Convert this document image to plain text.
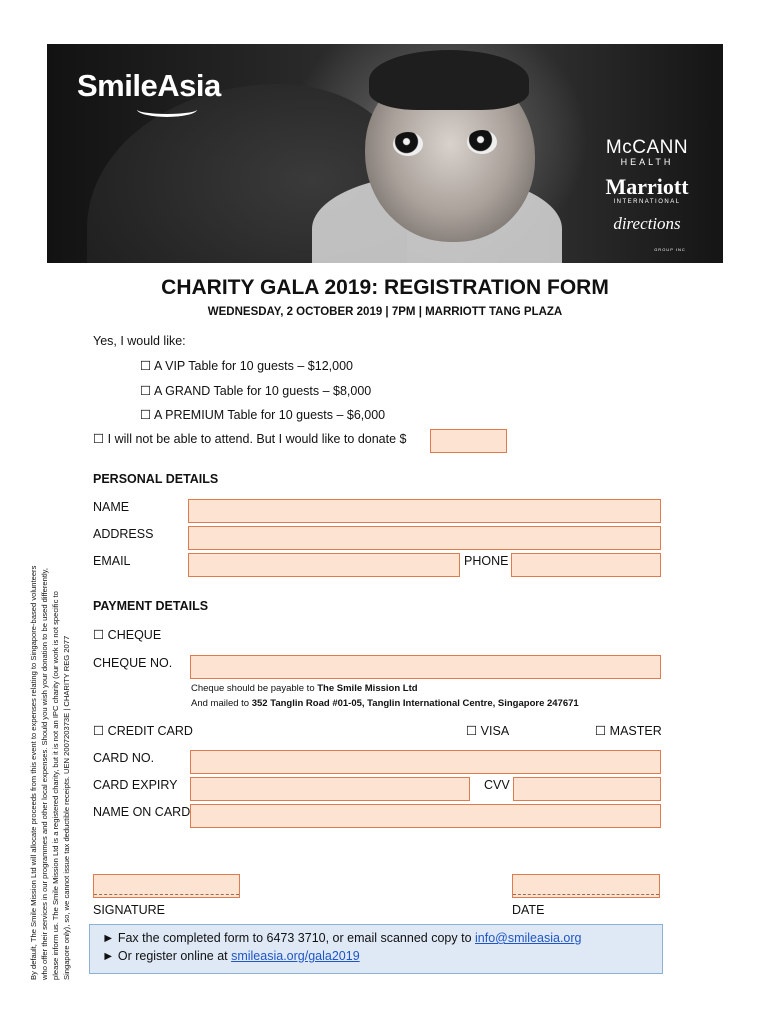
SmileAsia
McCANN
HEALTH
Marriott
INTERNATIONAL
directions
GROUP INC
CHARITY GALA 2019: REGISTRATION FORM
WEDNESDAY, 2 OCTOBER 2019 | 7PM | MARRIOTT TANG PLAZA
Yes, I would like:
☐ A VIP Table for 10 guests – $12,000
☐ A GRAND Table for 10 guests – $8,000
☐ A PREMIUM Table for 10 guests – $6,000
☐ I will not be able to attend. But I would like to donate $
PERSONAL DETAILS
NAME
ADDRESS
EMAIL	PHONE
PAYMENT DETAILS
☐ CHEQUE
CHEQUE NO.
Cheque should be payable to The Smile Mission Ltd
And mailed to 352 Tanglin Road #01-05, Tanglin International Centre, Singapore 247671
☐ CREDIT CARD	☐ VISA	☐ MASTER
CARD NO.
CARD EXPIRY	CVV
NAME ON CARD
SIGNATURE	DATE
► Fax the completed form to 6473 3710, or email scanned copy to info@smileasia.org
► Or register online at smileasia.org/gala2019
By default, The Smile Mission Ltd will allocate proceeds from this event to expenses relating to Singapore-based volunteers who offer their services in our programmes and other local expenses. Should you wish your donation to be used differently, please inform us. The Smile Mission Ltd is a registered charity, but it is not an IPC charity (our work is not specific to Singapore only), so, we cannot issue tax deductible receipts. UEN 200720373E | CHARITY REG 2077
